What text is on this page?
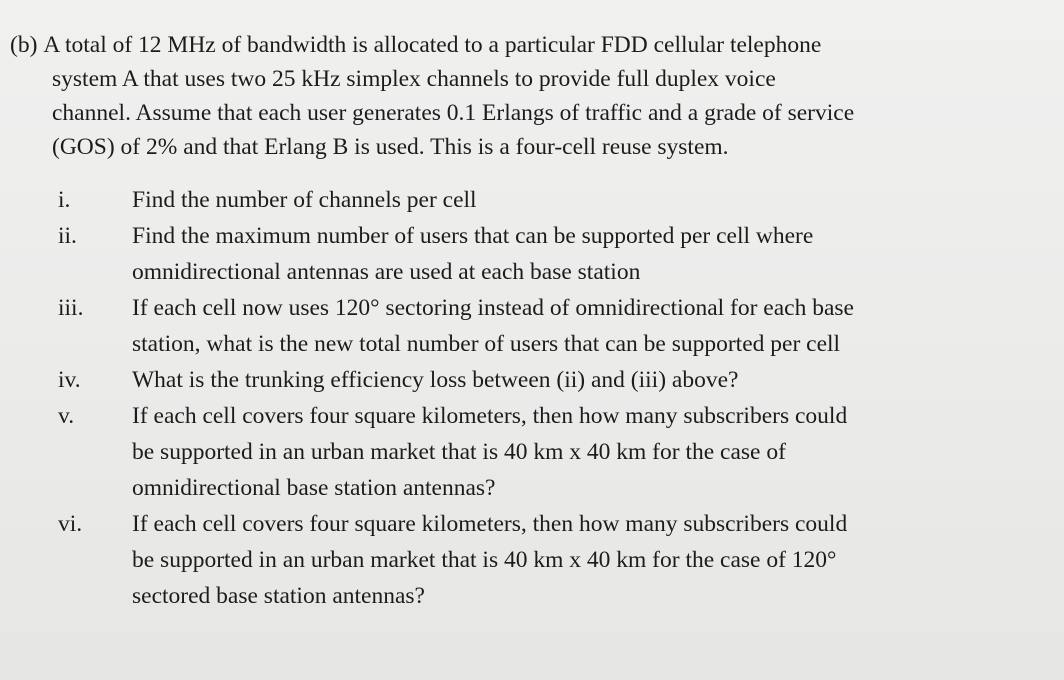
(b) A total of 12 MHz of bandwidth is allocated to a particular FDD cellular telephone
system A that uses two 25 kHz simplex channels to provide full duplex voice
channel. Assume that each user generates 0.1 Erlangs of traffic and a grade of service
(GOS) of 2% and that Erlang B is used. This is a four-cell reuse system.
i.	Find the number of channels per cell
ii.	Find the maximum number of users that can be supported per cell where
omnidirectional antennas are used at each base station
iii.	If each cell now uses 120° sectoring instead of omnidirectional for each base
station, what is the new total number of users that can be supported per cell
iv.	What is the trunking efficiency loss between (ii) and (iii) above?
v.	If each cell covers four square kilometers, then how many subscribers could
be supported in an urban market that is 40 km x 40 km for the case of
omnidirectional base station antennas?
vi.	If each cell covers four square kilometers, then how many subscribers could
be supported in an urban market that is 40 km x 40 km for the case of 120°
sectored base station antennas?
